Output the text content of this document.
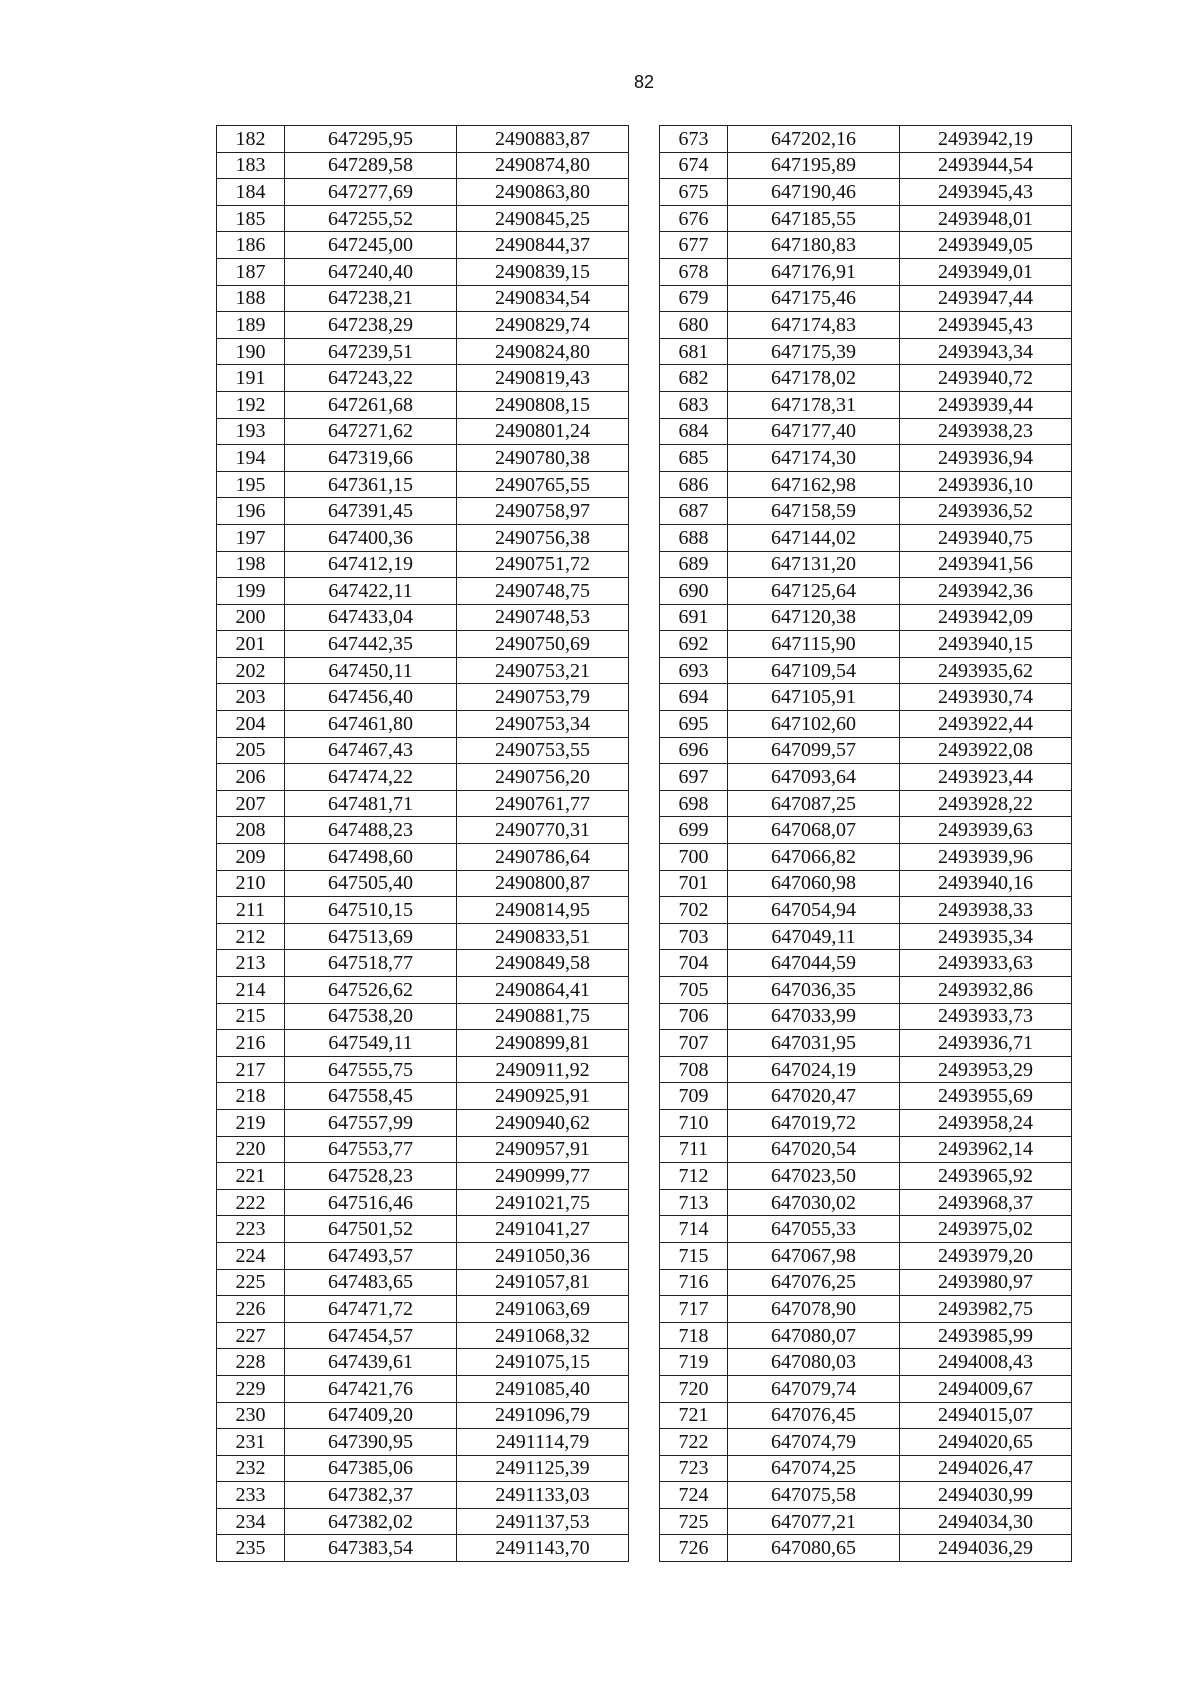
82
182	647295,95	2490883,87		673	647202,16	2493942,19
183	647289,58	2490874,80		674	647195,89	2493944,54
184	647277,69	2490863,80		675	647190,46	2493945,43
185	647255,52	2490845,25		676	647185,55	2493948,01
186	647245,00	2490844,37		677	647180,83	2493949,05
187	647240,40	2490839,15		678	647176,91	2493949,01
188	647238,21	2490834,54		679	647175,46	2493947,44
189	647238,29	2490829,74		680	647174,83	2493945,43
190	647239,51	2490824,80		681	647175,39	2493943,34
191	647243,22	2490819,43		682	647178,02	2493940,72
192	647261,68	2490808,15		683	647178,31	2493939,44
193	647271,62	2490801,24		684	647177,40	2493938,23
194	647319,66	2490780,38		685	647174,30	2493936,94
195	647361,15	2490765,55		686	647162,98	2493936,10
196	647391,45	2490758,97		687	647158,59	2493936,52
197	647400,36	2490756,38		688	647144,02	2493940,75
198	647412,19	2490751,72		689	647131,20	2493941,56
199	647422,11	2490748,75		690	647125,64	2493942,36
200	647433,04	2490748,53		691	647120,38	2493942,09
201	647442,35	2490750,69		692	647115,90	2493940,15
202	647450,11	2490753,21		693	647109,54	2493935,62
203	647456,40	2490753,79		694	647105,91	2493930,74
204	647461,80	2490753,34		695	647102,60	2493922,44
205	647467,43	2490753,55		696	647099,57	2493922,08
206	647474,22	2490756,20		697	647093,64	2493923,44
207	647481,71	2490761,77		698	647087,25	2493928,22
208	647488,23	2490770,31		699	647068,07	2493939,63
209	647498,60	2490786,64		700	647066,82	2493939,96
210	647505,40	2490800,87		701	647060,98	2493940,16
211	647510,15	2490814,95		702	647054,94	2493938,33
212	647513,69	2490833,51		703	647049,11	2493935,34
213	647518,77	2490849,58		704	647044,59	2493933,63
214	647526,62	2490864,41		705	647036,35	2493932,86
215	647538,20	2490881,75		706	647033,99	2493933,73
216	647549,11	2490899,81		707	647031,95	2493936,71
217	647555,75	2490911,92		708	647024,19	2493953,29
218	647558,45	2490925,91		709	647020,47	2493955,69
219	647557,99	2490940,62		710	647019,72	2493958,24
220	647553,77	2490957,91		711	647020,54	2493962,14
221	647528,23	2490999,77		712	647023,50	2493965,92
222	647516,46	2491021,75		713	647030,02	2493968,37
223	647501,52	2491041,27		714	647055,33	2493975,02
224	647493,57	2491050,36		715	647067,98	2493979,20
225	647483,65	2491057,81		716	647076,25	2493980,97
226	647471,72	2491063,69		717	647078,90	2493982,75
227	647454,57	2491068,32		718	647080,07	2493985,99
228	647439,61	2491075,15		719	647080,03	2494008,43
229	647421,76	2491085,40		720	647079,74	2494009,67
230	647409,20	2491096,79		721	647076,45	2494015,07
231	647390,95	2491114,79		722	647074,79	2494020,65
232	647385,06	2491125,39		723	647074,25	2494026,47
233	647382,37	2491133,03		724	647075,58	2494030,99
234	647382,02	2491137,53		725	647077,21	2494034,30
235	647383,54	2491143,70		726	647080,65	2494036,29
